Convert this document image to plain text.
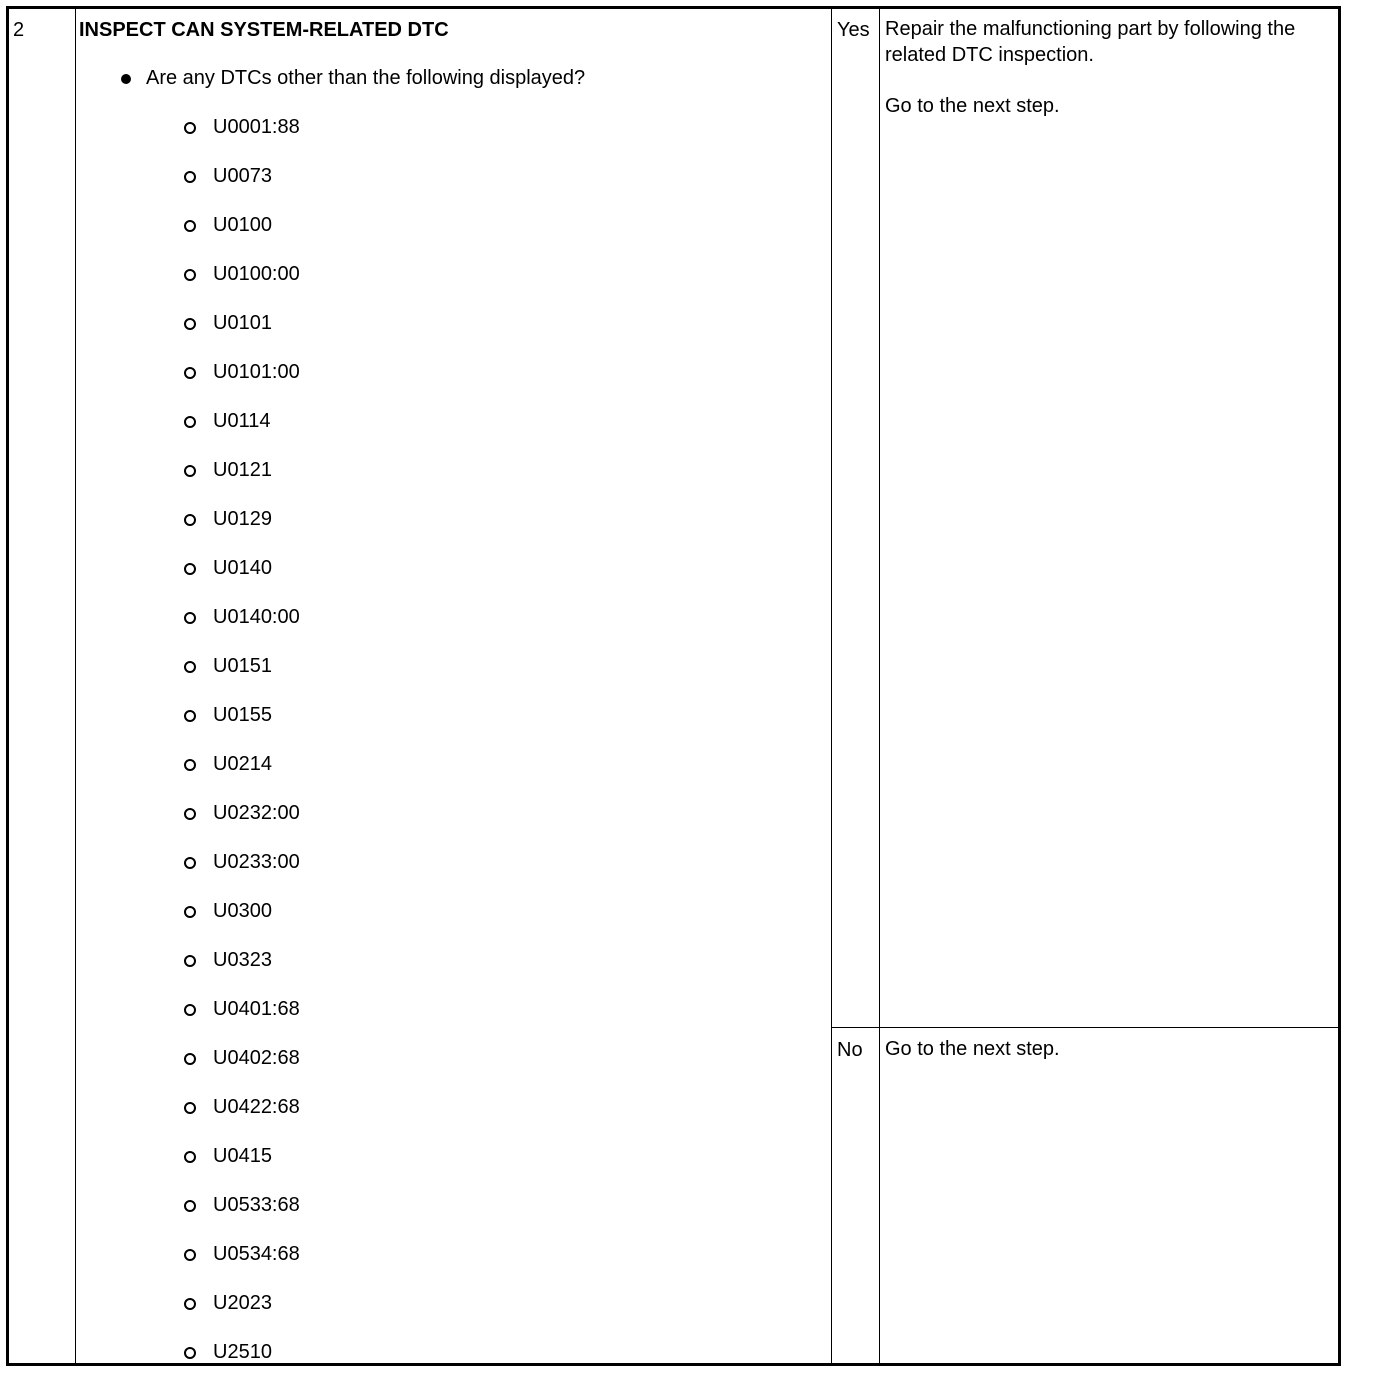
2	INSPECT CAN SYSTEM-RELATED DTC
Are any DTCs other than the following displayed?
U0001:88
U0073
U0100
U0100:00
U0101
U0101:00
U0114
U0121
U0129
U0140
U0140:00
U0151
U0155
U0214
U0232:00
U0233:00
U0300
U0323
U0401:68
U0402:68
U0422:68
U0415
U0533:68
U0534:68
U2023
U2510
Yes Repair the malfunctioning part by following the related DTC inspection.
Go to the next step.
No Go to the next step.
